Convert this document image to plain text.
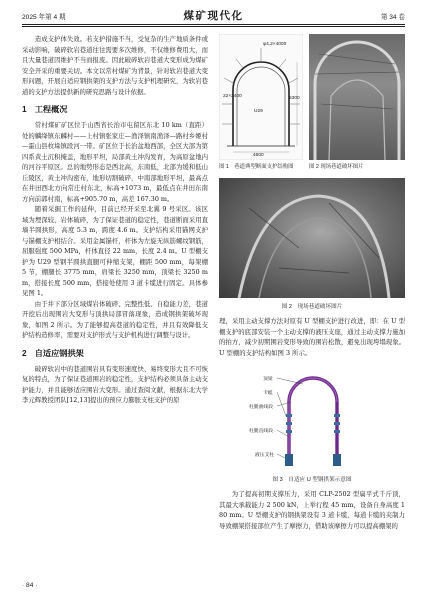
2025 年第 4 期	煤矿现代化	第 34 卷

造成支护体失效。若支护措施不当，受复杂的生产地质条件或采动影响，破碎软岩巷道往往需要多次维修，不仅维修费用大，而且大量巷道因维护不当而报废。因此破碎软岩巷道大变形成为煤矿安全开采的重要关切。本文以常村煤矿为背景，针对软岩巷道大变形问题，开展自适应钢拱架的支护方法与支护机理研究，为软岩巷道的支护方法提供新的研究思路与设计依据。

1　工程概况

常村煤矿矿区位于山西省长治市屯留区东北 10 km（直距）处的麟绛镇东麟村——上村镇张家庄—渔泽镇南渔泽—路村乡姬村—霍山县枚垛镇段河一带。矿区位于长治盆地西部，全区大部为第四系黄土沉积掩盖，地形平坦，局部黄土冲沟发育，为高原盆地内的河谷平原区。总的地势形态是西北高，东南低，北部为缓和低山丘陵区，黄土冲沟密布，地形切割破碎，中南部地形平坦，最高点在井田西北方向常庄村东北，标高+1073 m，最低点在井田东南方向前郭村南，标高+905.70 m，高差 167.30 m。

随着采掘工作的延伸，目前已经开采至北翼 9 号采区。该区域为埋深较，岩体破碎，为了保证巷道的稳定性，巷道断面采用直墙半圆拱形，高度 5.3 m，跨度 4.6 m。支护结构采用锚网支护与锚棚支护相结合。采用金属锚杆，杆体为左旋无纵筋螺纹钢筋，屈服强度 500 MPa，杆体直径 22 mm，长度 2.4 m。U 型棚支护为 U29 型钢半圆拱直腿可伸缩支架，棚距 500 mm，每架棚 5 节，棚腿长 3775 mm，肩梁长 3250 mm，顶梁长 3250 mm，搭接长度 500 mm，搭接处使用 3 道卡缆进行固定。具体参见图 1。

由于井下部分区域煤岩体破碎、完整性低、自稳能力差，巷道开挖后出现围岩大变形与顶拱局部冒落现象，造成钢拱架破坏现象，如图 2 所示。为了能够提高巷道的稳定性，并且有效降低支护结构造修率，需要对支护形式与支护机构进行调整与设计。

2　自适应钢拱架

破碎软岩中的巷道围岩具有变形速度快、易终变形大且不可恢复的特点，为了保证巷道围岩的稳定性，支护结构必须具备主动支护能力，并且能够适应围岩大变形。通过查阅文献，根据东北大学李元辉教授团队[12,13]提出的预应力膨胀支柱支护的原

φ4.2×4000
22×2400
U29
4600
5300
图 1　巷道典型断面支护结构图	图 2 现场巷道破坏图片
图 2　现场巷道破坏图片

理，采用主动支撑方法对原有 U 型棚支护进行改进，即：在 U 型棚支护的底部安装一个主动支撑的液压支座，通过主动支撑力施加的拍方，减少初期围岩变形导致的围岩松散，避免出现垮塌现象。U 型棚的支护结构如图 3 所示。

顶梁
卡缆
柱腿曲线段
柱腿直线段
液压支柱
图 3　自适应 U 型钢拱架示意图

为了提高初期支撑压力，采用 CLP-2502 型扁平式千斤顶，其最大承载能力 2 500 kN，上举行程 45 mm，设备自身高度 180 mm。U 型棚支护的钢拱架设有 3 道卡缆，每道卡缆的夹制力导致棚架搭接部位产生了摩擦力，借助该摩擦力可以提高棚架的

· 84 ·
